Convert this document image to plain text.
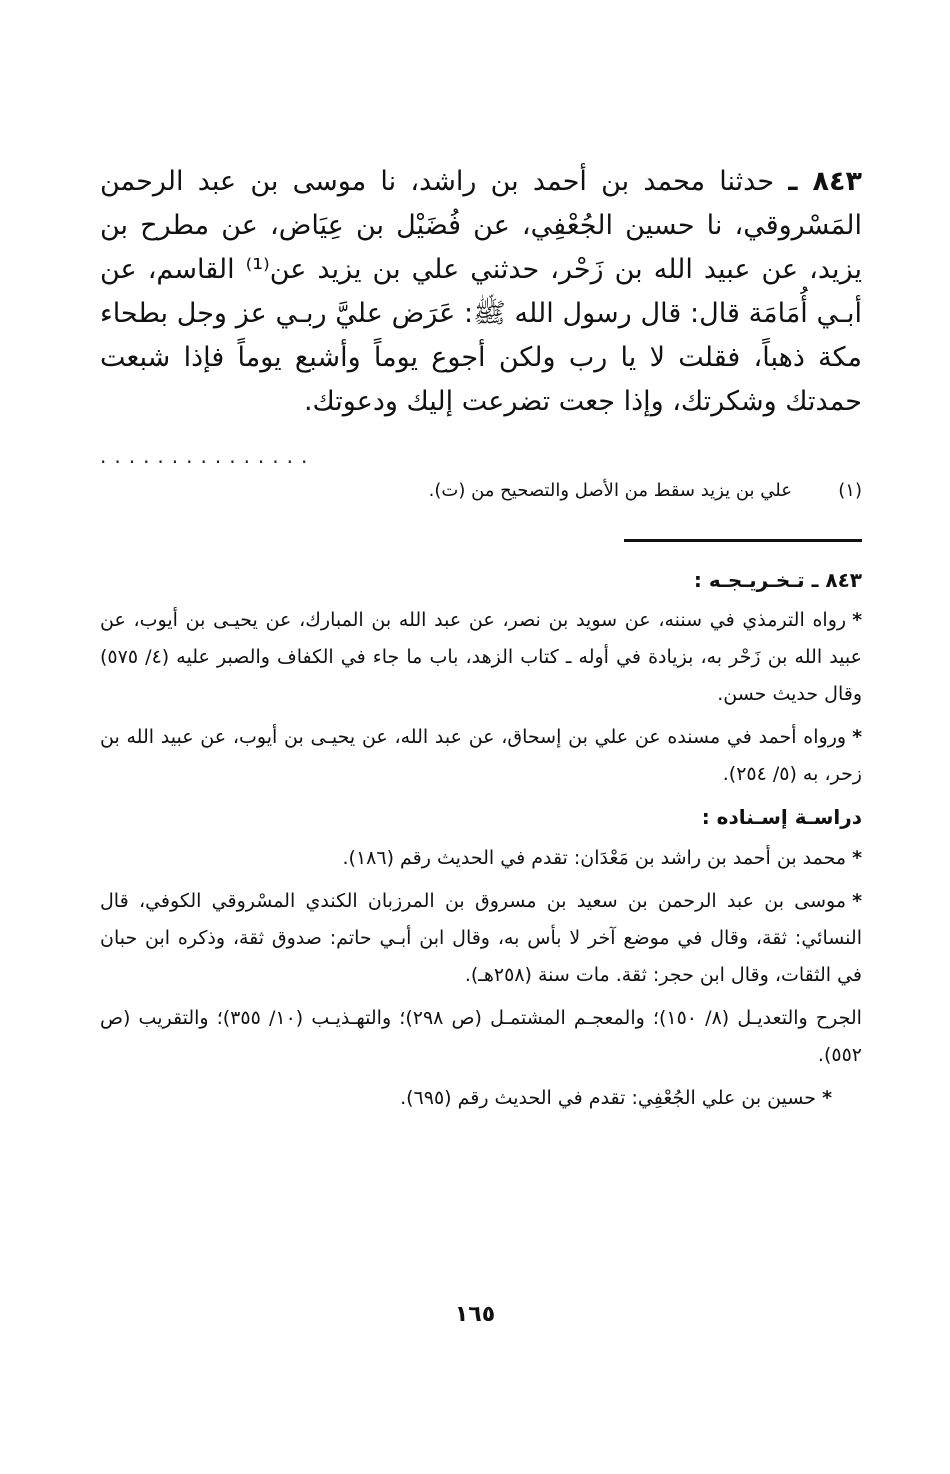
٨٤٣ ـ حدثنا محمد بن أحمد بن راشد، نا موسى بن عبد الرحمن المَسْروقي، نا حسين الجُعْفِي، عن فُضَيْل بن عِيَاض، عن مطرح بن يزيد، عن عبيد الله بن زَحْر، حدثني علي بن يزيد عن⁽¹⁾ القاسم، عن أبـي أُمَامَة قال: قال رسول الله ﷺ: عَرَض عليَّ ربـي عز وجل بطحاء مكة ذهباً، فقلت لا يا رب ولكن أجوع يوماً وأشبع يوماً فإذا شبعت حمدتك وشكرتك، وإذا جعت تضرعت إليك ودعوتك.

...............
(١)
علي بن يزيد سقط من الأصل والتصحيح من (ت).
٨٤٣ ـ تـخـريـجـه :

*رواه الترمذي في سننه، عن سويد بن نصر، عن عبد الله بن المبارك، عن يحيـى بن أيوب، عن عبيد الله بن زَحْر به، بزيادة في أوله ـ كتاب الزهد، باب ما جاء في الكفاف والصبر عليه (٤/ ٥٧٥) وقال حديث حسن.

*ورواه أحمد في مسنده عن علي بن إسحاق، عن عبد الله، عن يحيـى بن أيوب، عن عبيد الله بن زحر، به (٥/ ٢٥٤).

دراسـة إسـناده :

*محمد بن أحمد بن راشد بن مَعْدَان: تقدم في الحديث رقم (١٨٦).

*موسى بن عبد الرحمن بن سعيد بن مسروق بن المرزبان الكندي المسْروقي الكوفي، قال النسائي: ثقة، وقال في موضع آخر لا بأس به، وقال ابن أبـي حاتم: صدوق ثقة، وذكره ابن حبان في الثقات، وقال ابن حجر: ثقة. مات سنة (٢٥٨هـ).

الجرح والتعديـل (٨/ ١٥٠)؛ والمعجـم المشتمـل (ص ٢٩٨)؛ والتهـذيـب (١٠/ ٣٥٥)؛ والتقريب (ص ٥٥٢).

*حسين بن علي الجُعْفِي: تقدم في الحديث رقم (٦٩٥).

١٦٥
